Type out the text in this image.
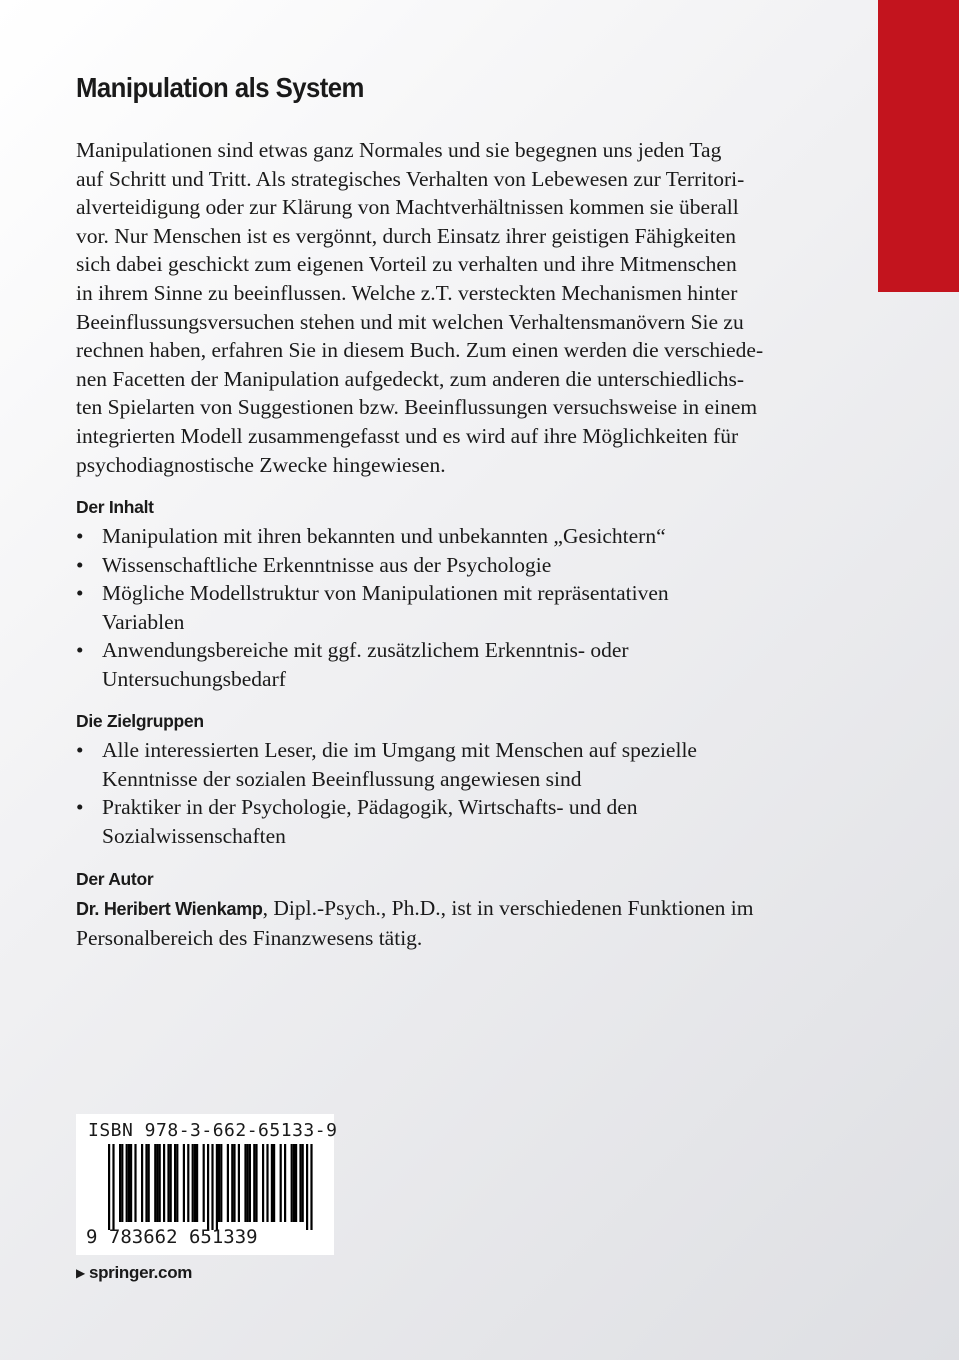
Manipulation als System

Manipulationen sind etwas ganz Normales und sie begegnen uns jeden Tag
auf Schritt und Tritt. Als strategisches Verhalten von Lebewesen zur Territori-
alverteidigung oder zur Klärung von Machtverhältnissen kommen sie überall
vor. Nur Menschen ist es vergönnt, durch Einsatz ihrer geistigen Fähigkeiten
sich dabei geschickt zum eigenen Vorteil zu verhalten und ihre Mitmenschen
in ihrem Sinne zu beeinflussen. Welche z.T. versteckten Mechanismen hinter
Beeinflussungsversuchen stehen und mit welchen Verhaltensmanövern Sie zu
rechnen haben, erfahren Sie in diesem Buch. Zum einen werden die verschiede-
nen Facetten der Manipulation aufgedeckt, zum anderen die unterschiedlichs-
ten Spielarten von Suggestionen bzw. Beeinflussungen versuchsweise in einem
integrierten Modell zusammengefasst und es wird auf ihre Möglichkeiten für
psychodiagnostische Zwecke hingewiesen.

Der Inhalt
• Manipulation mit ihren bekannten und unbekannten „Gesichtern“
• Wissenschaftliche Erkenntnisse aus der Psychologie
• Mögliche Modellstruktur von Manipulationen mit repräsentativen
Variablen
• Anwendungsbereiche mit ggf. zusätzlichem Erkenntnis- oder
Untersuchungsbedarf
Die Zielgruppen
• Alle interessierten Leser, die im Umgang mit Menschen auf spezielle
Kenntnisse der sozialen Beeinflussung angewiesen sind
• Praktiker in der Psychologie, Pädagogik, Wirtschafts- und den
Sozialwissenschaften
Der Autor

Dr. Heribert Wienkamp, Dipl.-Psych., Ph.D., ist in verschiedenen Funktionen im
Personalbereich des Finanzwesens tätig.

ISBN 978-3-662-65133-9
9 783662 651339
▶ springer.com
